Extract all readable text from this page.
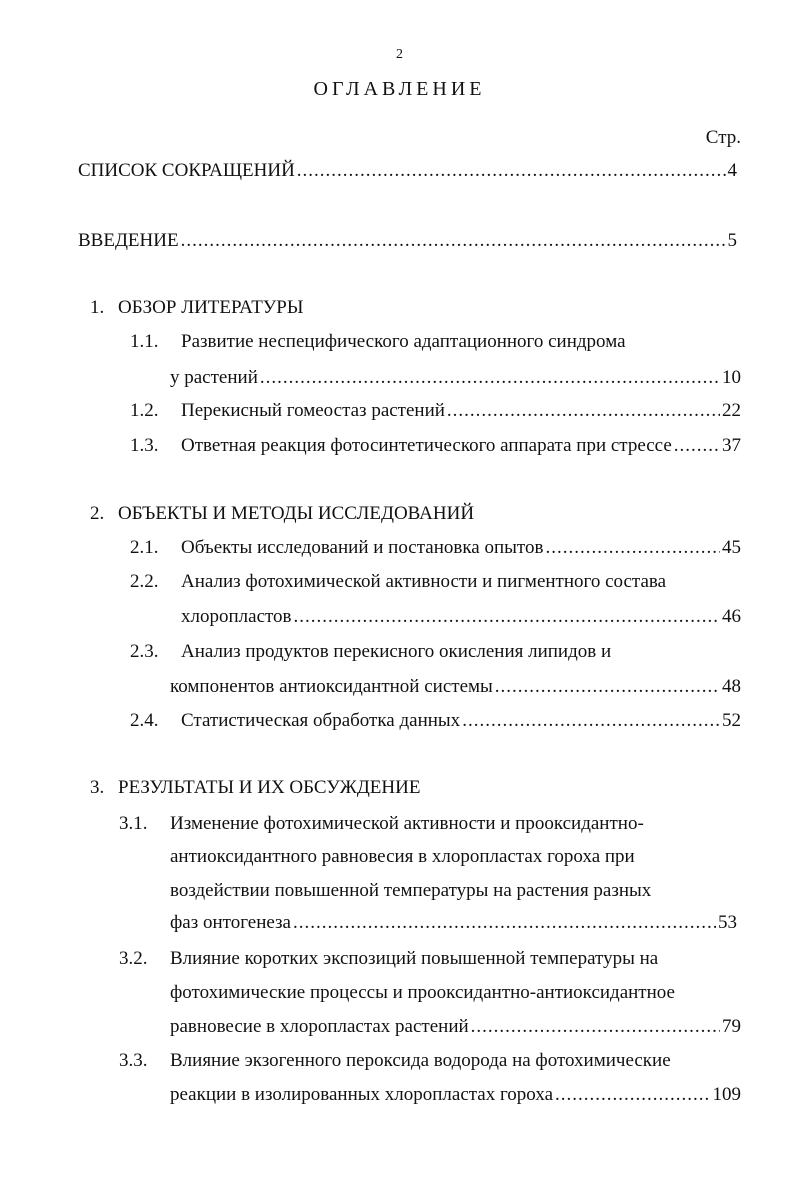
2
ОГЛАВЛЕНИЕ
Стр.
СПИСОК СОКРАЩЕНИЙ .....	4
ВВЕДЕНИЕ .....	5
1. ОБЗОР ЛИТЕРАТУРЫ
1.1. Развитие неспецифического адаптационного синдрома
у растений .....	10
1.2. Перекисный гомеостаз растений .....	22
1.3. Ответная реакция фотосинтетического аппарата при стрессе .....	37
2. ОБЪЕКТЫ И МЕТОДЫ ИССЛЕДОВАНИЙ
2.1. Объекты исследований и постановка опытов .....	45
2.2. Анализ фотохимической активности и пигментного состава
хлоропластов .....	46
2.3. Анализ продуктов перекисного окисления липидов и
компонентов антиоксидантной системы .....	48
2.4. Статистическая обработка данных .....	52
3. РЕЗУЛЬТАТЫ И ИХ ОБСУЖДЕНИЕ
3.1. Изменение фотохимической активности и прооксидантно-
антиоксидантного равновесия в хлоропластах гороха при
воздействии повышенной температуры на растения разных
фаз онтогенеза .....	53
3.2. Влияние коротких экспозиций повышенной температуры на
фотохимические процессы и прооксидантно-антиоксидантное
равновесие в хлоропластах растений .....	79
3.3. Влияние экзогенного пероксида водорода на фотохимические
реакции в изолированных хлоропластах гороха .....	109
